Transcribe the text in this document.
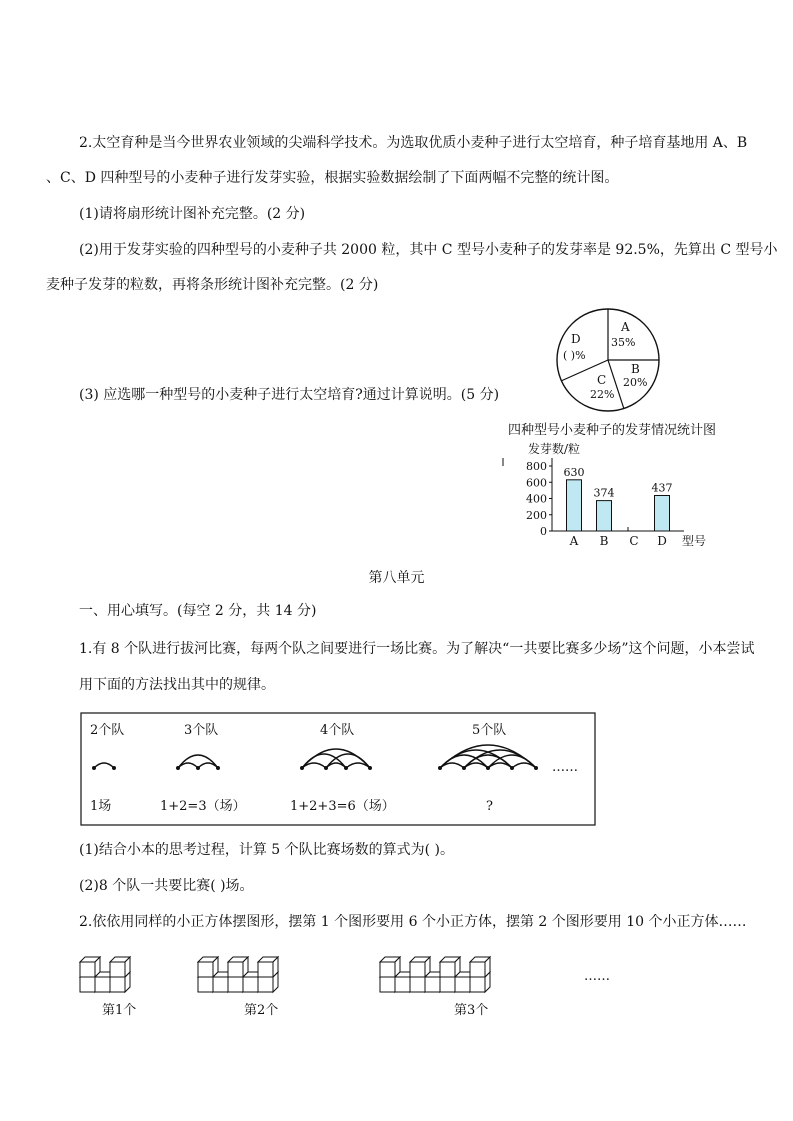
2.太空育种是当今世界农业领域的尖端科学技术。为选取优质小麦种子进行太空培育，种子培育基地用 A、B
、C、D 四种型号的小麦种子进行发芽实验，根据实验数据绘制了下面两幅不完整的统计图。
(1)请将扇形统计图补充完整。(2 分)
(2)用于发芽实验的四种型号的小麦种子共 2000 粒，其中 C 型号小麦种子的发芽率是 92.5%，先算出 C 型号小
麦种子发芽的粒数，再将条形统计图补充完整。(2 分)
(3) 应选哪一种型号的小麦种子进行太空培育?通过计算说明。(5 分)
A
35%
B
20%
C
22%
D
( )%
四种型号小麦种子的发芽情况统计图
发芽数/粒
型号
0
200
400
600
800 630
A
374
B C
437
D
第八单元
一、用心填写。(每空 2 分，共 14 分)
1.有 8 个队进行拔河比赛，每两个队之间要进行一场比赛。为了解决“一共要比赛多少场”这个问题，小本尝试
用下面的方法找出其中的规律。
2个队	3个队	4个队	5个队
……
1场	1+2=3（场）	1+2+3=6（场）	?
(1)结合小本的思考过程，计算 5 个队比赛场数的算式为( )。
(2)8 个队一共要比赛( )场。
2.依依用同样的小正方体摆图形，摆第 1 个图形要用 6 个小正方体，摆第 2 个图形要用 10 个小正方体……
第1个	第2个	第3个
……
